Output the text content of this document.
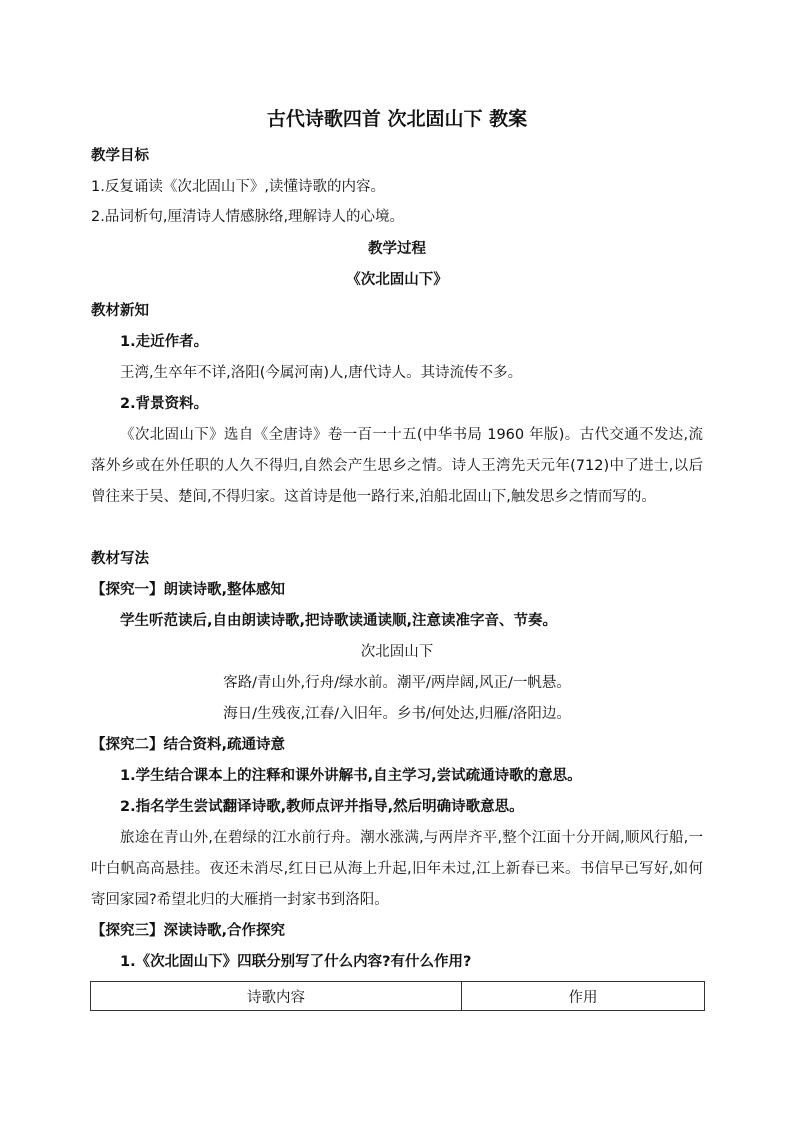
古代诗歌四首 次北固山下 教案
教学目标
1.反复诵读《次北固山下》,读懂诗歌的内容。
2.品词析句,厘清诗人情感脉络,理解诗人的心境。
教学过程
《次北固山下》
教材新知
1.走近作者。
王湾,生卒年不详,洛阳(今属河南)人,唐代诗人。其诗流传不多。
2.背景资料。
《次北固山下》选自《全唐诗》卷一百一十五(中华书局 1960 年版)。古代交通不发达,流落外乡或在外任职的人久不得归,自然会产生思乡之情。诗人王湾先天元年(712)中了进士,以后曾往来于吴、楚间,不得归家。这首诗是他一路行来,泊船北固山下,触发思乡之情而写的。
教材写法
【探究一】朗读诗歌,整体感知
学生听范读后,自由朗读诗歌,把诗歌读通读顺,注意读准字音、节奏。
次北固山下
客路/青山外,行舟/绿水前。潮平/两岸阔,风正/一帆悬。
海日/生残夜,江春/入旧年。乡书/何处达,归雁/洛阳边。
【探究二】结合资料,疏通诗意
1.学生结合课本上的注释和课外讲解书,自主学习,尝试疏通诗歌的意思。
2.指名学生尝试翻译诗歌,教师点评并指导,然后明确诗歌意思。
旅途在青山外,在碧绿的江水前行舟。潮水涨满,与两岸齐平,整个江面十分开阔,顺风行船,一叶白帆高高悬挂。夜还未消尽,红日已从海上升起,旧年未过,江上新春已来。书信早已写好,如何寄回家园?希望北归的大雁捎一封家书到洛阳。
【探究三】深读诗歌,合作探究
1.《次北固山下》四联分别写了什么内容?有什么作用?
诗歌内容	作用
